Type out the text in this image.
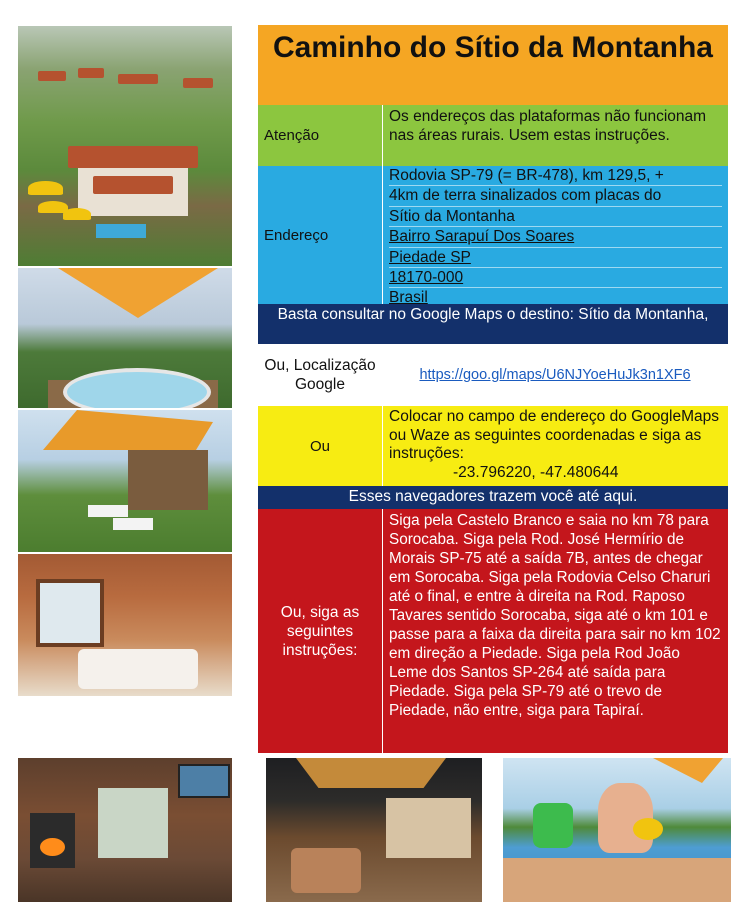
Caminho do Sítio da Montanha
Atenção
Os endereços das plataformas não funcionam nas áreas rurais. Usem estas instruções.
Endereço
Rodovia SP-79 (= BR-478), km 129,5, +
4km de terra sinalizados com placas do
Sítio da Montanha
Bairro Sarapuí Dos Soares
Piedade SP
18170-000
Brasil
Basta consultar no Google Maps o destino: Sítio da Montanha,
Ou, Localização Google
https://goo.gl/maps/U6NJYoeHuJk3n1XF6
Ou
Colocar no campo de endereço do GoogleMaps ou Waze as seguintes coordenadas e siga as instruções:
-23.796220, -47.480644
Esses navegadores trazem você até aqui.
Ou, siga as seguintes instruções:
Siga pela Castelo Branco e saia no km 78 para Sorocaba. Siga pela Rod. José Hermírio de Morais SP-75 até a saída 7B, antes de chegar em Sorocaba. Siga pela Rodovia Celso Charuri até o final, e entre à direita na Rod. Raposo Tavares sentido Sorocaba, siga até o km 101 e passe para a faixa da direita para sair no km 102 em direção a Piedade. Siga pela Rod João Leme dos Santos SP-264 até saída para Piedade. Siga pela SP-79 até o trevo de Piedade, não entre, siga para Tapiraí.
